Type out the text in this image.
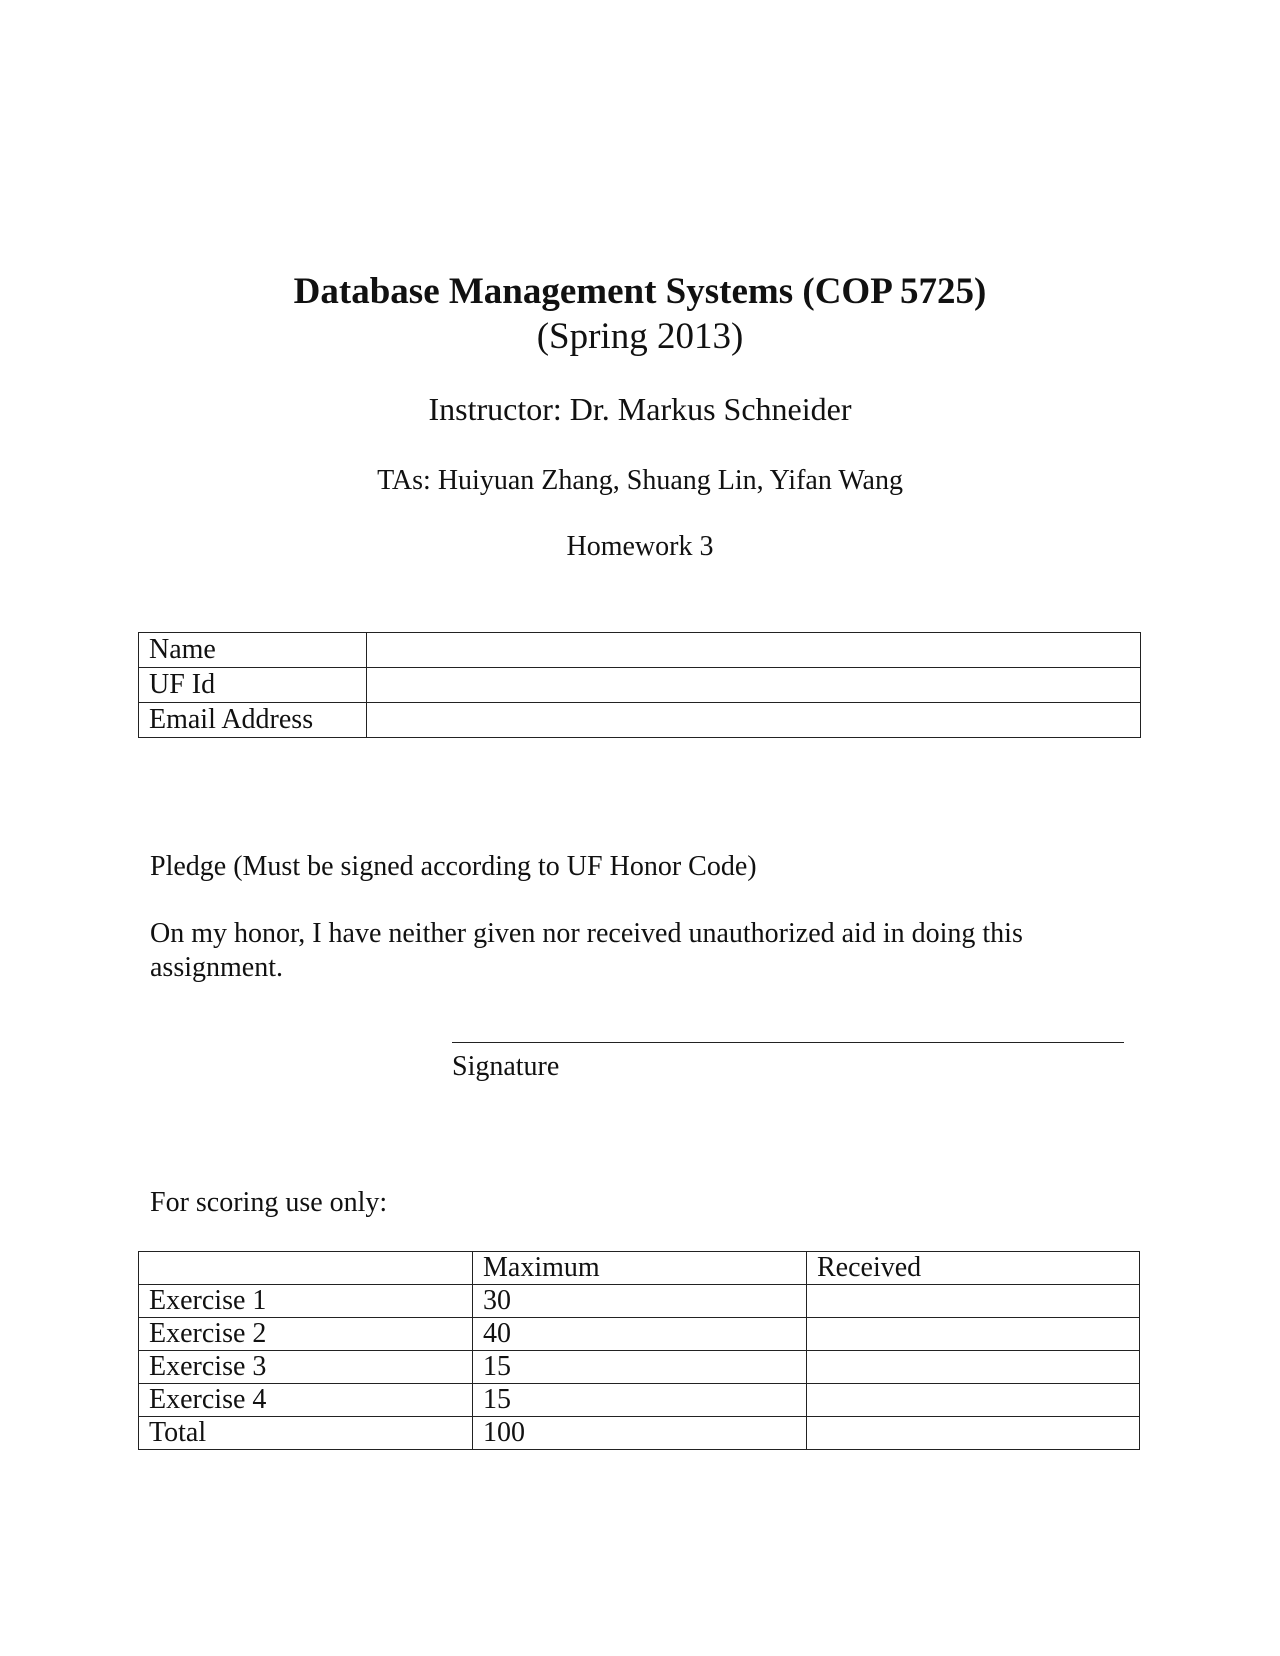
Database Management Systems (COP 5725)
(Spring 2013)
Instructor: Dr. Markus Schneider
TAs: Huiyuan Zhang, Shuang Lin, Yifan Wang
Homework 3
Name	
UF Id	
Email Address	
Pledge (Must be signed according to UF Honor Code)
On my honor, I have neither given nor received unauthorized aid in doing this assignment.
Signature
For scoring use only:
	Maximum	Received
Exercise 1	30	
Exercise 2	40	
Exercise 3	15	
Exercise 4	15	
Total	100	
